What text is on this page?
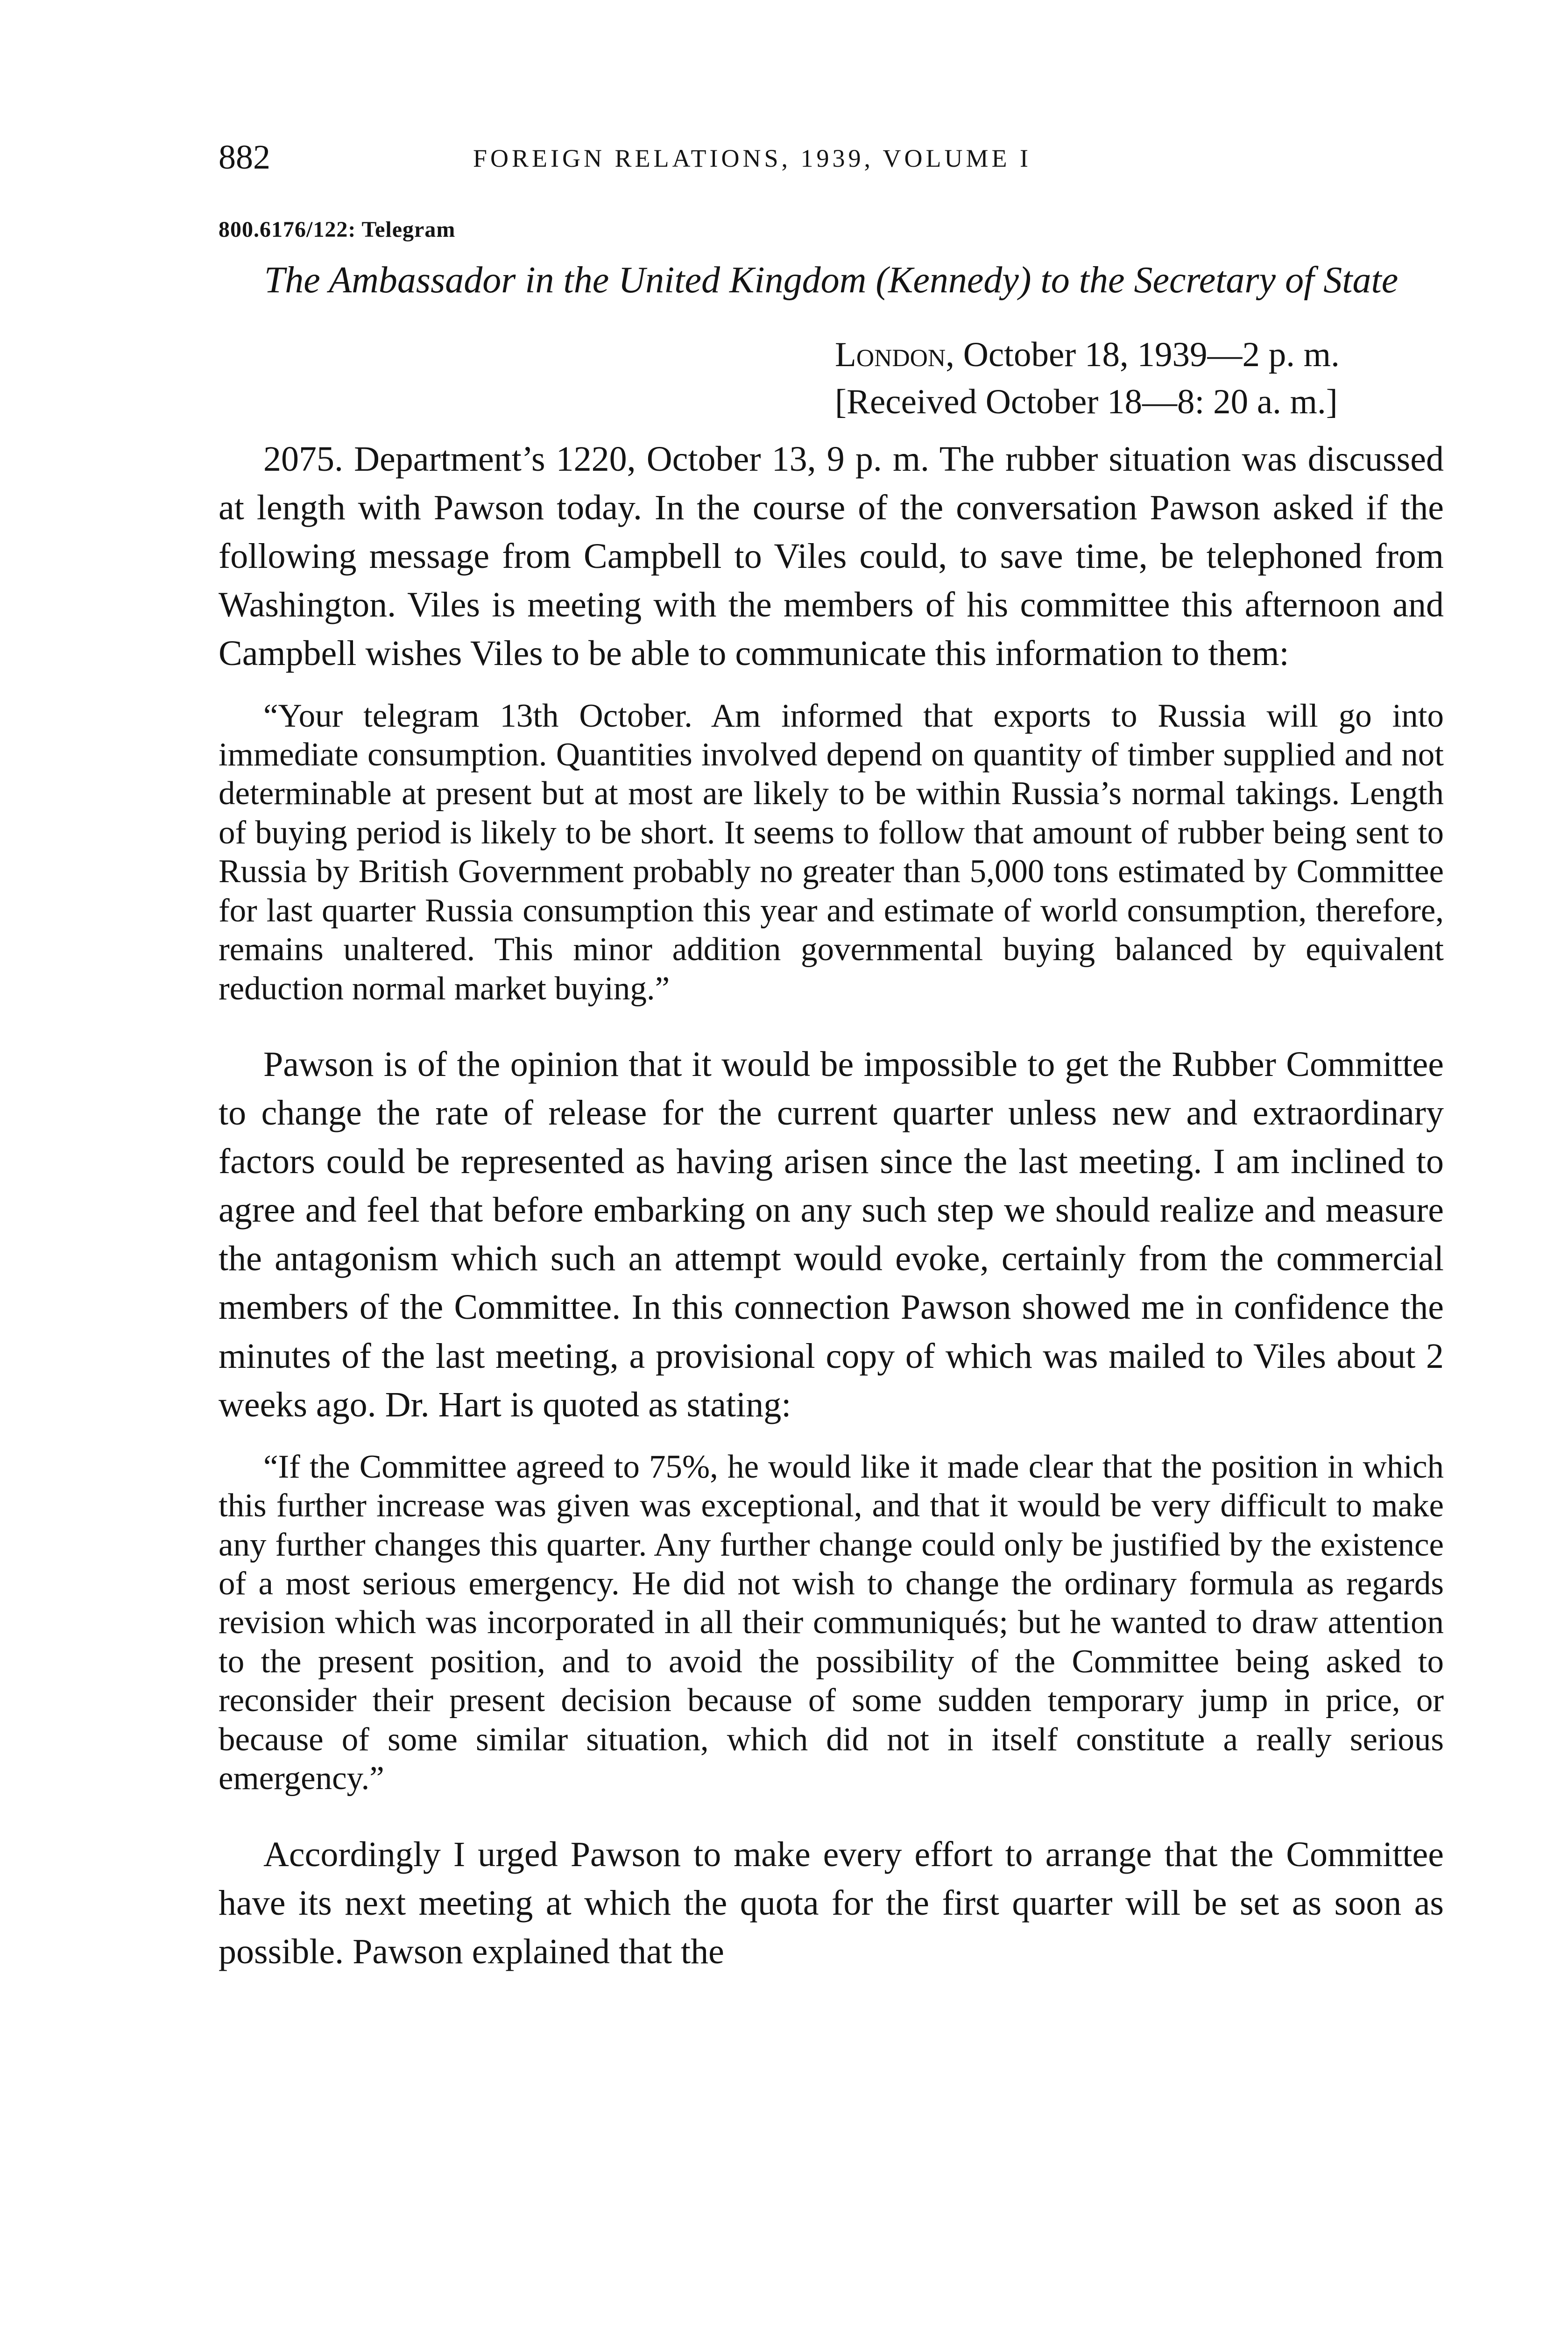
882	FOREIGN RELATIONS, 1939, VOLUME I
800.6176/122: Telegram
The Ambassador in the United Kingdom (Kennedy) to the Secretary of State
London, October 18, 1939—2 p. m.
[Received October 18—8: 20 a. m.]

2075. Department’s 1220, October 13, 9 p. m. The rubber situation was discussed at length with Pawson today. In the course of the conversation Pawson asked if the following message from Campbell to Viles could, to save time, be telephoned from Washington. Viles is meeting with the members of his committee this afternoon and Campbell wishes Viles to be able to communicate this information to them:

“Your telegram 13th October. Am informed that exports to Russia will go into immediate consumption. Quantities involved depend on quantity of timber supplied and not determinable at present but at most are likely to be within Russia’s normal takings. Length of buying period is likely to be short. It seems to follow that amount of rubber being sent to Russia by British Government probably no greater than 5,000 tons estimated by Committee for last quarter Russia consumption this year and estimate of world consumption, therefore, remains unaltered. This minor addition governmental buying balanced by equivalent reduction normal market buying.”

Pawson is of the opinion that it would be impossible to get the Rubber Committee to change the rate of release for the current quarter unless new and extraordinary factors could be represented as having arisen since the last meeting. I am inclined to agree and feel that before embarking on any such step we should realize and measure the antagonism which such an attempt would evoke, certainly from the commercial members of the Committee. In this connection Pawson showed me in confidence the minutes of the last meeting, a provisional copy of which was mailed to Viles about 2 weeks ago. Dr. Hart is quoted as stating:

“If the Committee agreed to 75%, he would like it made clear that the position in which this further increase was given was exceptional, and that it would be very difficult to make any further changes this quarter. Any further change could only be justified by the existence of a most serious emergency. He did not wish to change the ordinary formula as regards revision which was incorporated in all their communiqués; but he wanted to draw attention to the present position, and to avoid the possibility of the Committee being asked to reconsider their present decision because of some sudden temporary jump in price, or because of some similar situation, which did not in itself constitute a really serious emergency.”

Accordingly I urged Pawson to make every effort to arrange that the Committee have its next meeting at which the quota for the first quarter will be set as soon as possible. Pawson explained that the
